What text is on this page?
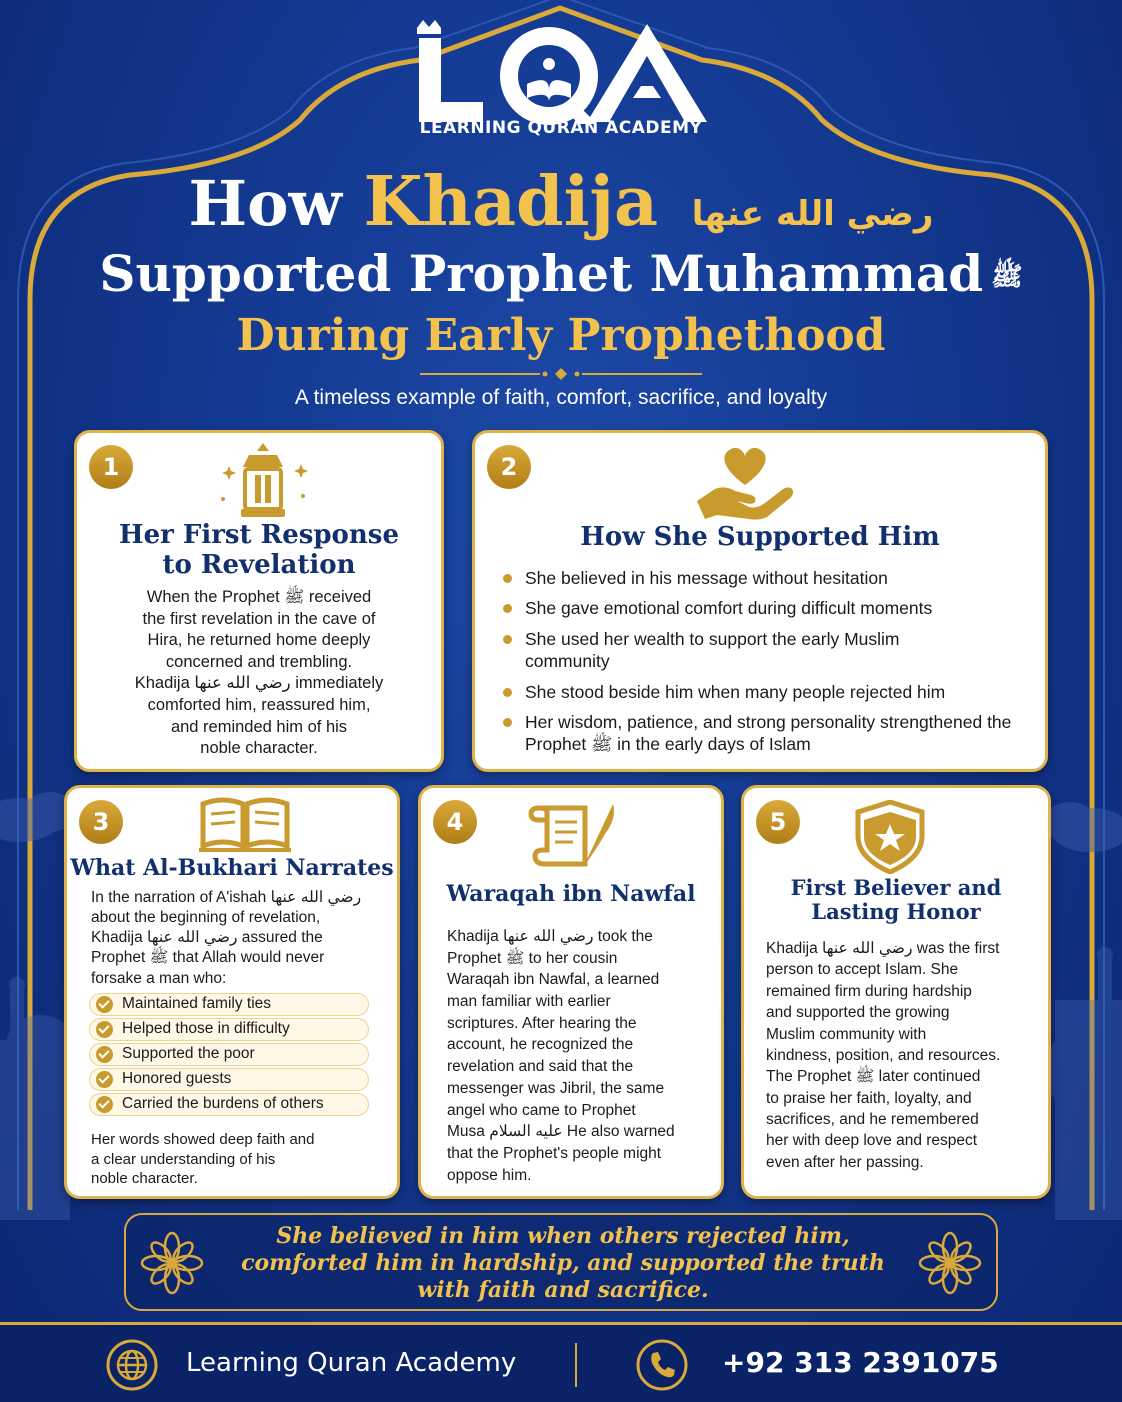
LEARNING QURAN ACADEMY
How Khadija رضي الله عنها
Supported Prophet Muhammad ﷺ
During Early Prophethood
A timeless example of faith, comfort, sacrifice, and loyalty
1
Her First Response
to Revelation
When the Prophet ﷺ received
the first revelation in the cave of
Hira, he returned home deeply
concerned and trembling.
Khadija رضي الله عنها immediately
comforted him, reassured him,
and reminded him of his
noble character.
2
How She Supported Him
She believed in his message without hesitation
She gave emotional comfort during difficult moments
She used her wealth to support the early Muslim community
She stood beside him when many people rejected him
Her wisdom, patience, and strong personality strengthened the Prophet ﷺ in the early days of Islam
3
What Al-Bukhari Narrates
In the narration of A'ishah رضي الله عنها
about the beginning of revelation,
Khadija رضي الله عنها assured the
Prophet ﷺ that Allah would never
forsake a man who:
Maintained family ties
Helped those in difficulty
Supported the poor
Honored guests
Carried the burdens of others
Her words showed deep faith and
a clear understanding of his
noble character.
4
Waraqah ibn Nawfal
Khadija رضي الله عنها took the
Prophet ﷺ to her cousin
Waraqah ibn Nawfal, a learned
man familiar with earlier
scriptures. After hearing the
account, he recognized the
revelation and said that the
messenger was Jibril, the same
angel who came to Prophet
Musa عليه السلام He also warned
that the Prophet's people might
oppose him.
5
First Believer and
Lasting Honor
Khadija رضي الله عنها was the first
person to accept Islam. She
remained firm during hardship
and supported the growing
Muslim community with
kindness, position, and resources.
The Prophet ﷺ later continued
to praise her faith, loyalty, and
sacrifices, and he remembered
her with deep love and respect
even after her passing.
She believed in him when others rejected him,
comforted him in hardship, and supported the truth
with faith and sacrifice.
Learning Quran Academy	+92 313 2391075
